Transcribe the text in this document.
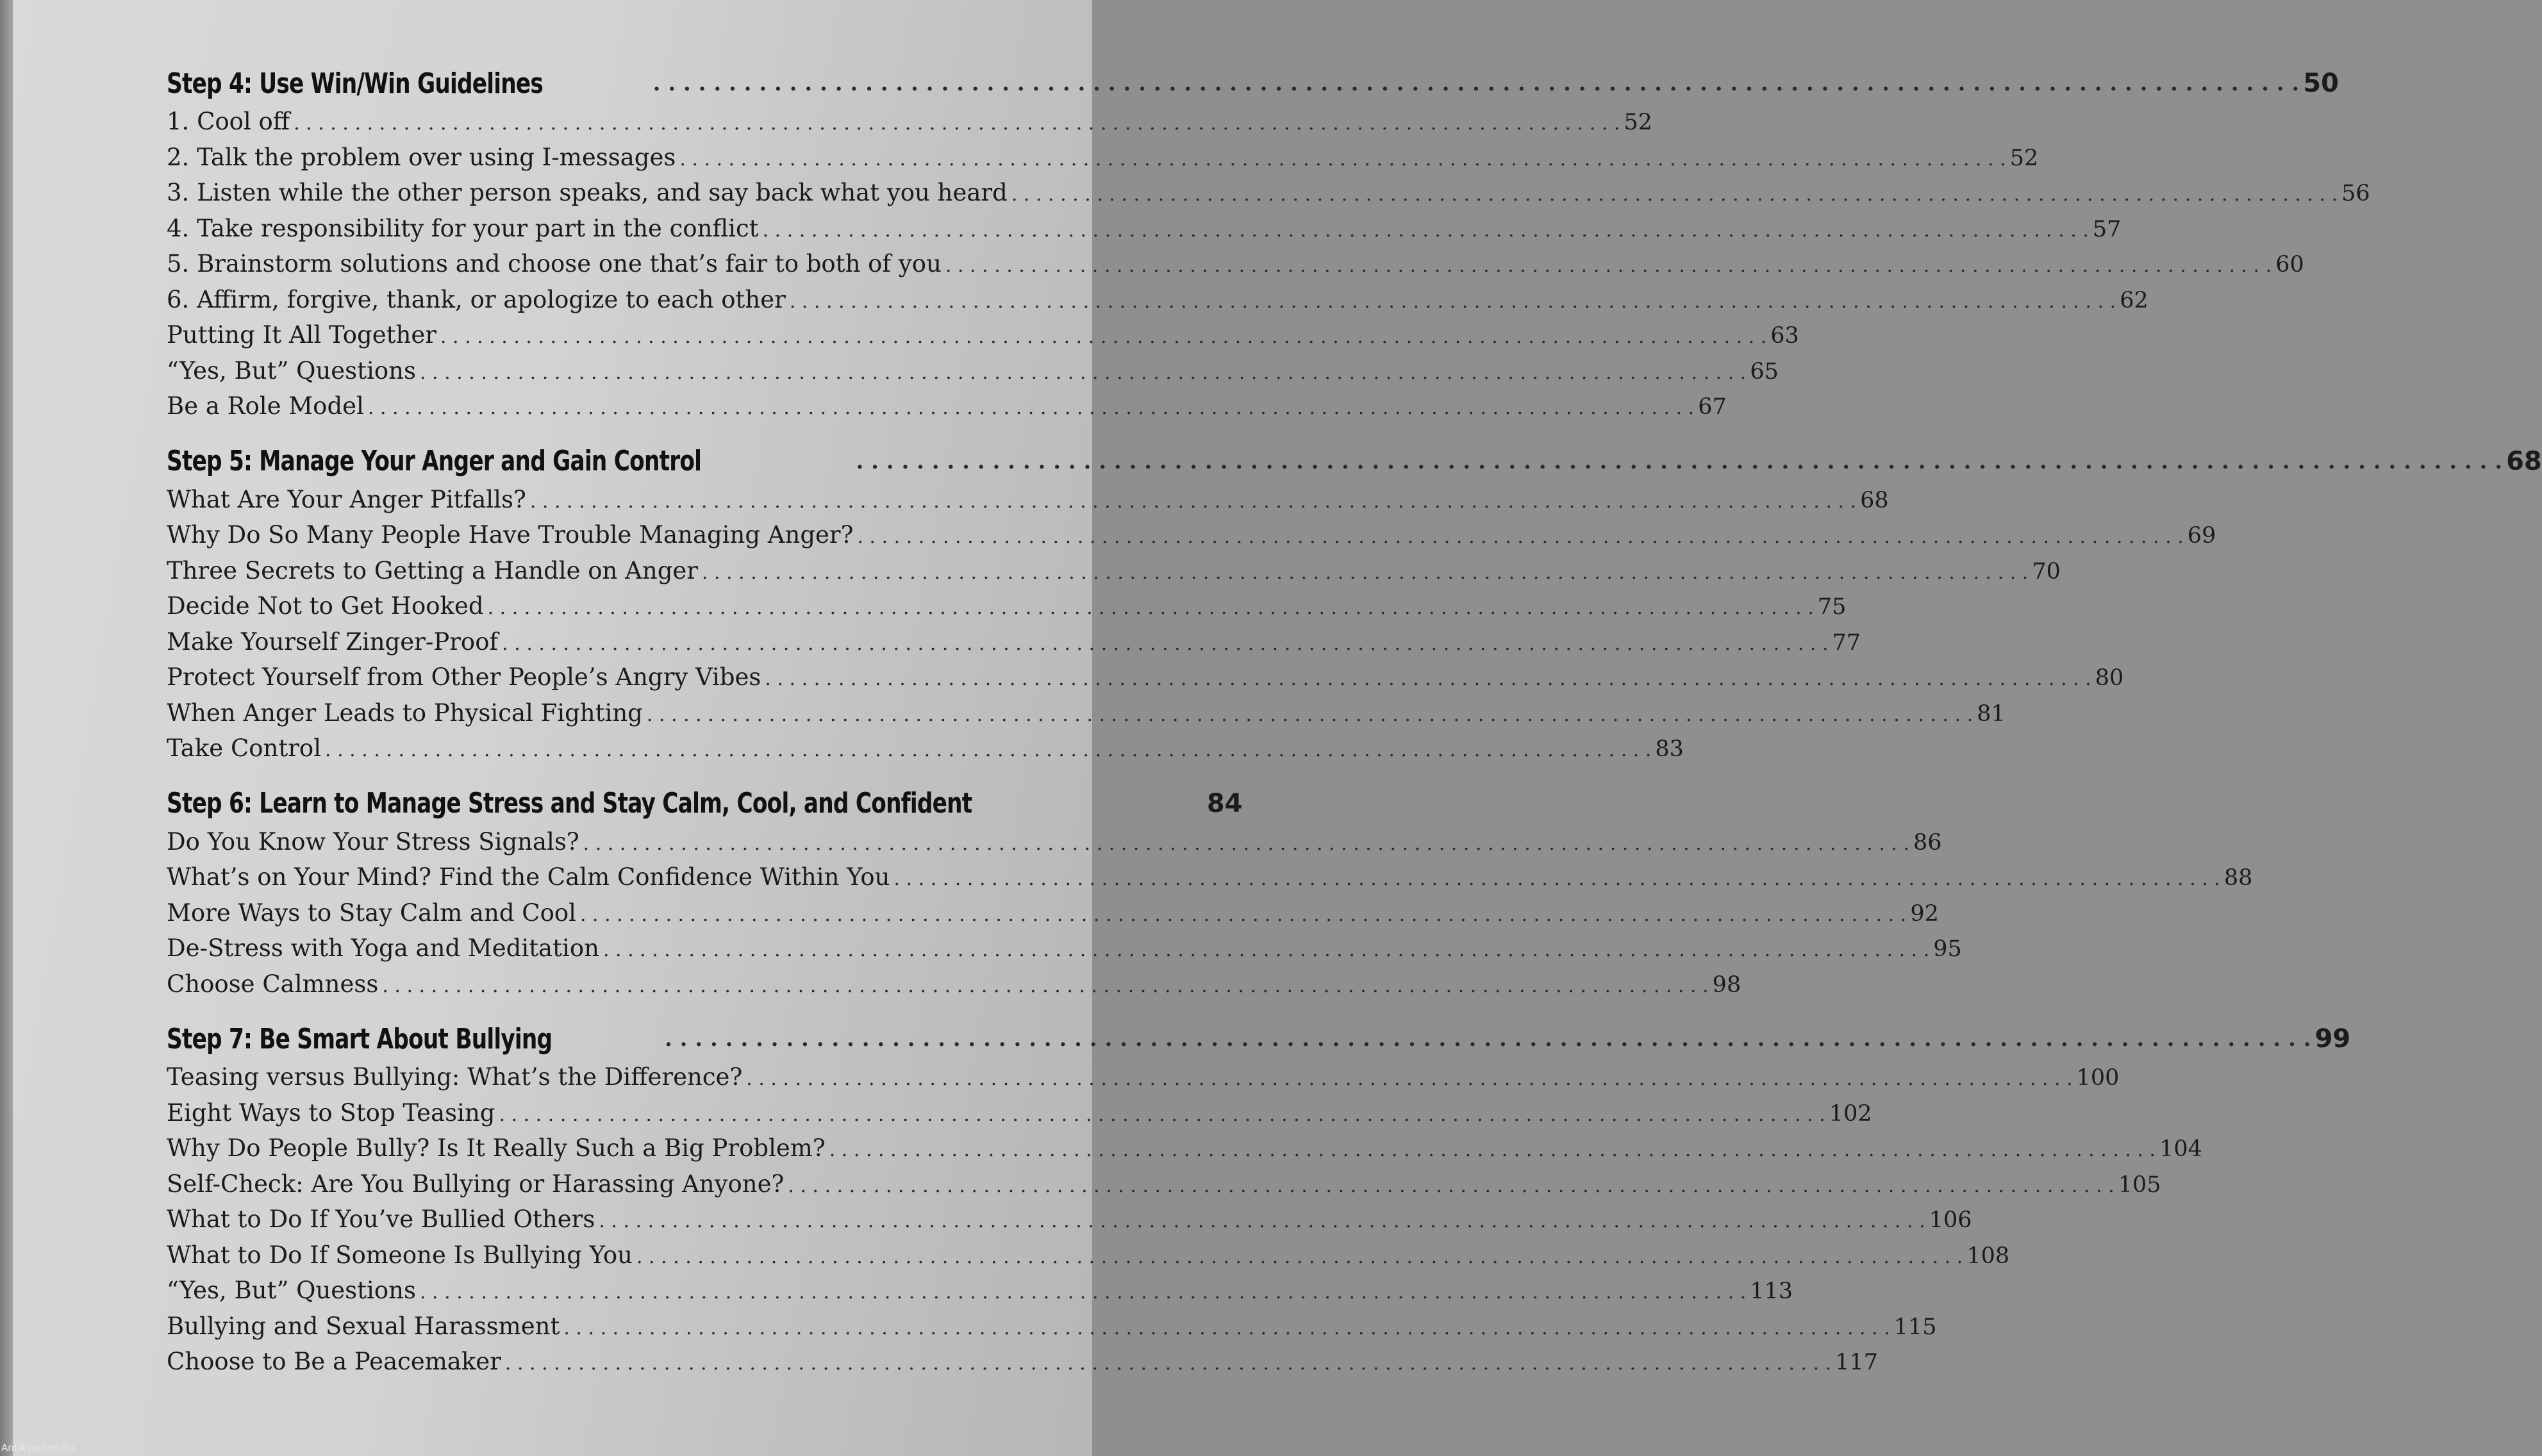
Step 4: Use Win/Win Guidelines . . .	50
1. Cool off . . .	52
2. Talk the problem over using I-messages . . .	52
3. Listen while the other person speaks, and say back what you heard . . .	56
4. Take responsibility for your part in the conflict . . .	57
5. Brainstorm solutions and choose one that’s fair to both of you . . .	60
6. Affirm, forgive, thank, or apologize to each other . . .	62
Putting It All Together . . .	63
“Yes, But” Questions . . .	65
Be a Role Model . . .	67
Step 5: Manage Your Anger and Gain Control . . .	68
What Are Your Anger Pitfalls? . . .	68
Why Do So Many People Have Trouble Managing Anger? . . .	69
Three Secrets to Getting a Handle on Anger . . .	70
Decide Not to Get Hooked . . .	75
Make Yourself Zinger-Proof . . .	77
Protect Yourself from Other People’s Angry Vibes . . .	80
When Anger Leads to Physical Fighting . . .	81
Take Control . . .	83
Step 6: Learn to Manage Stress and Stay Calm, Cool, and Confident	84
Do You Know Your Stress Signals? . . .	86
What’s on Your Mind? Find the Calm Confidence Within You . . .	88
More Ways to Stay Calm and Cool . . .	92
De-Stress with Yoga and Meditation . . .	95
Choose Calmness . . .	98
Step 7: Be Smart About Bullying . . .	99
Teasing versus Bullying: What’s the Difference? . . .	100
Eight Ways to Stop Teasing . . .	102
Why Do People Bully? Is It Really Such a Big Problem? . . .	104
Self-Check: Are You Bullying or Harassing Anyone? . . .	105
What to Do If You’ve Bullied Others . . .	106
What to Do If Someone Is Bullying You . . .	108
“Yes, But” Questions . . .	113
Bullying and Sexual Harassment . . .	115
Choose to Be a Peacemaker . . .	117
Antikvarium.hu
